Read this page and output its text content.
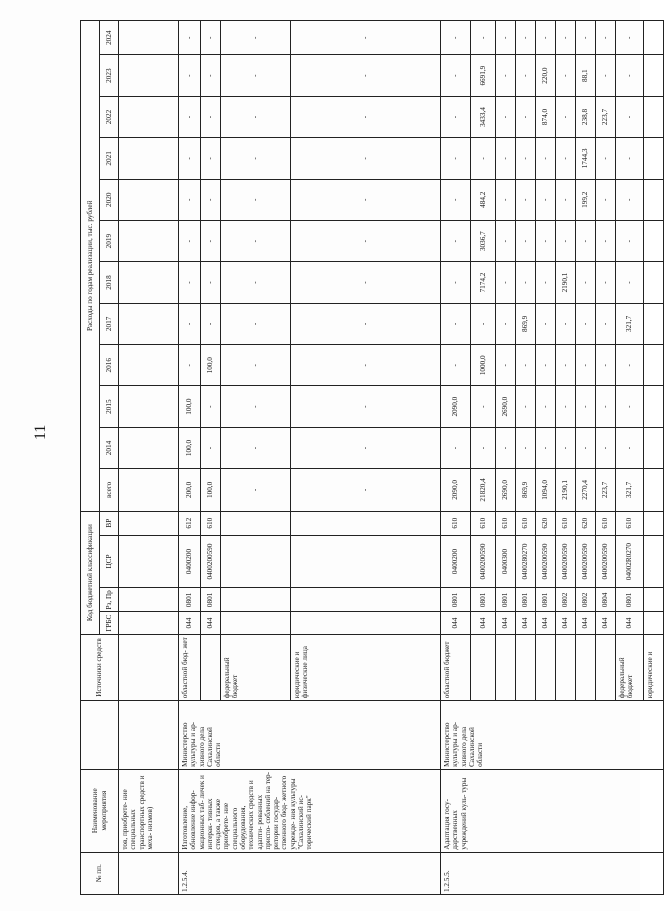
11
№ пп.	Наименование мероприятия		Источники средств	Код бюджетной классификации				Расходы по годам реализации, тыс. рублей											
				ГРБС	Рз, Пр	ЦСР	ВР	всего	2014	2015	2016	2017	2018	2019	2020	2021	2022	2023	2024
	тов, приобрете- ние специальных транспортных средств и меха- низмов)																		
1.2.5.4.	Изготовление, обновление инфор- мационных таб- личек и интерак- тивных стендов, а также приобрете- ние специального оборудования, технических средств и адапти- рованных приспо- соблений на тер- ритории государ- ственного бюд- жетного учрежде- ния культуры "Сахалинский ис- торический парк"	Министерство культуры и ар- хивного дела Сахалинской области	областной бюд- жет	044	0801	0400200	612	200,0	100,0	100,0	-	-	-	-	-	-	-	-	-
				044	0801	0400200590	610	100,0	-	-	100,0	-	-	-	-	-	-	-	-
			федеральный бюджет					-	-	-	-	-	-	-	-	-	-	-	-
			юридические и физические лица					-	-	-	-	-	-	-	-	-	-	-	-
1.2.5.5.	Адаптация госу- дарственных учреждений куль- туры	Министерство культуры и ар- хивного дела Сахалинской области	областной бюджет	044	0801	0400200	610	2090,0	-	2090,0	-	-	-	-	-	-	-	-	-
				044	0801	0400200590	610	21820,4	-	-	1000,0	-	7174,2	3036,7	484,2	-	3433,4	6691,9	-
				044	0801	0400300	610	2690,0	-	2690,0	-	-	-	-	-	-	-	-	-
				044	0801	0400280270	610	869,9	-	-	-	869,9	-	-	-	-	-	-	-
				044	0801	0400200590	620	1094,0	-	-	-	-	-	-	-	-	874,0	220,0	-
				044	0802	0400200590	610	2190,1	-	-	-	-	2190,1	-	-	-	-	-	-
				044	0802	0400200590	620	2270,4	-	-	-	-	-	-	199,2	1744,3	238,8	88,1	-
				044	0804	0400200590	610	223,7	-	-	-	-	-	-	-	-	223,7	-	-
			федеральный бюджет	044	0801	04002R0270	610	321,7	-	-	-	321,7	-	-	-	-	-	-	-
			юридические и																
